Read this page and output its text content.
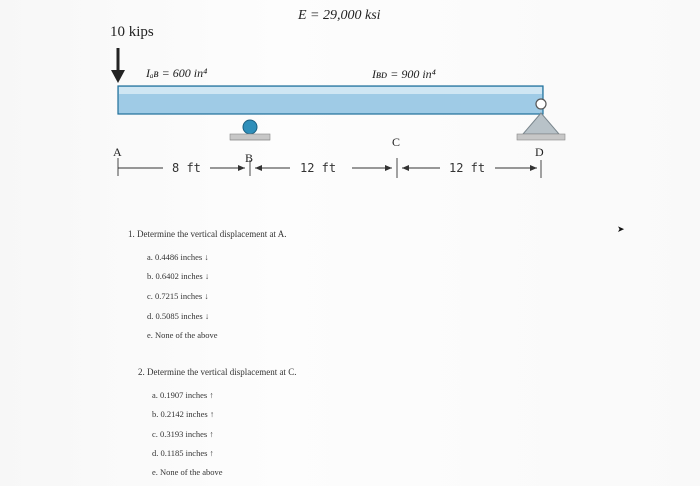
10 kips
E = 29,000 ksi
Iₐʙ = 600 in⁴	Iʙᴅ = 900 in⁴
A	B
C
D
8 ft	12 ft	12 ft
1. Determine the vertical displacement at A.
a. 0.4486 inches ↓
b. 0.6402 inches ↓
c. 0.7215 inches ↓
d. 0.5085 inches ↓
e. None of the above
2. Determine the vertical displacement at C.
a. 0.1907 inches ↑
b. 0.2142 inches ↑
c. 0.3193 inches ↑
d. 0.1185 inches ↑
e. None of the above
➤
